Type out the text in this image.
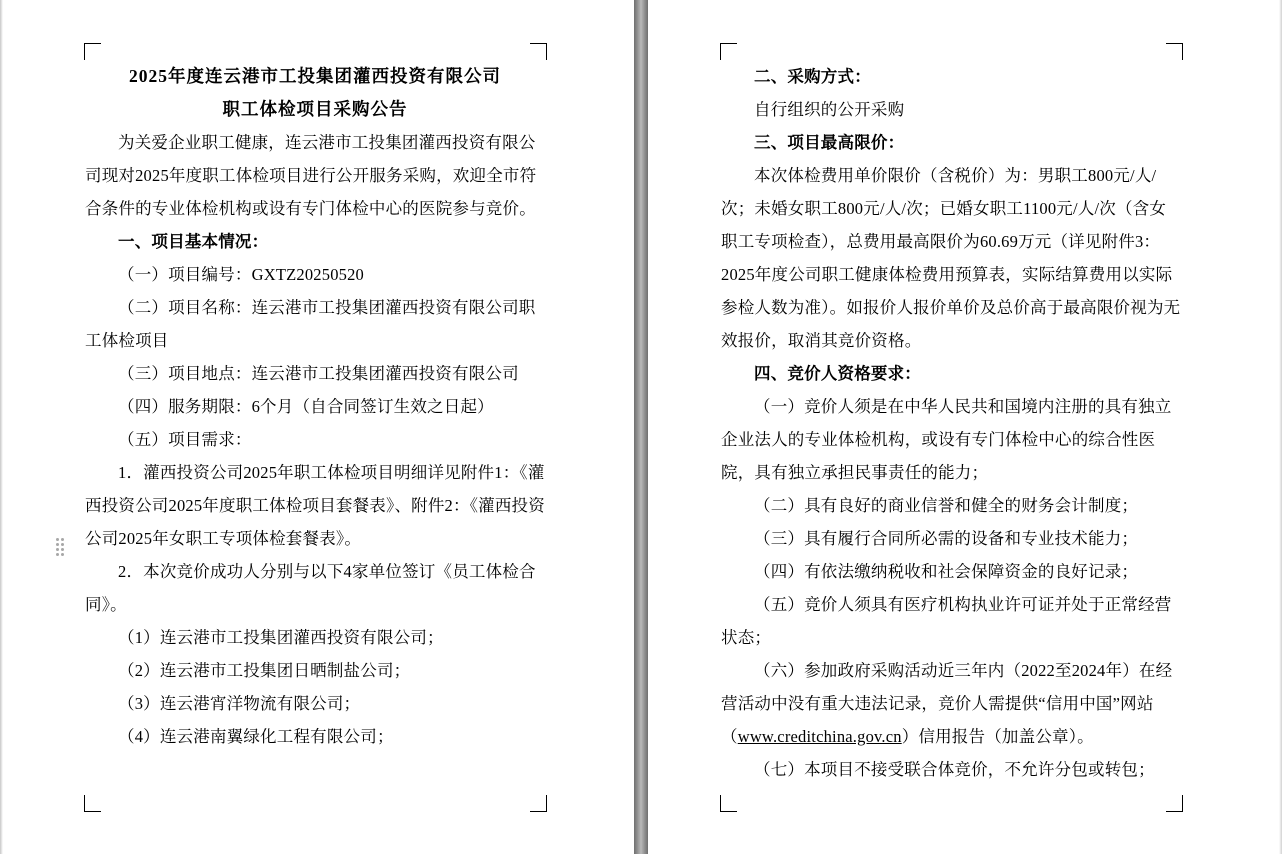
2025年度连云港市工投集团灌西投资有限公司
职工体检项目采购公告

为关爱企业职工健康，连云港市工投集团灌西投资有限公司现对2025年度职工体检项目进行公开服务采购，欢迎全市符合条件的专业体检机构或设有专门体检中心的医院参与竞价。

一、项目基本情况：

（一）项目编号：GXTZ20250520

（二）项目名称：连云港市工投集团灌西投资有限公司职工体检项目

（三）项目地点：连云港市工投集团灌西投资有限公司

（四）服务期限：6个月（自合同签订生效之日起）

（五）项目需求：

1．灌西投资公司2025年职工体检项目明细详见附件1：《灌西投资公司2025年度职工体检项目套餐表》、附件2：《灌西投资公司2025年女职工专项体检套餐表》。

2．本次竞价成功人分别与以下4家单位签订《员工体检合同》。

（1）连云港市工投集团灌西投资有限公司；

（2）连云港市工投集团日晒制盐公司；

（3）连云港宵洋物流有限公司；

（4）连云港南翼绿化工程有限公司；

二、采购方式：

自行组织的公开采购

三、项目最高限价：

本次体检费用单价限价（含税价）为：男职工800元/人/次；未婚女职工800元/人/次；已婚女职工1100元/人/次（含女职工专项检查），总费用最高限价为60.69万元（详见附件3：2025年度公司职工健康体检费用预算表，实际结算费用以实际参检人数为准）。如报价人报价单价及总价高于最高限价视为无效报价，取消其竞价资格。

四、竞价人资格要求：

（一）竞价人须是在中华人民共和国境内注册的具有独立企业法人的专业体检机构，或设有专门体检中心的综合性医院，具有独立承担民事责任的能力；

（二）具有良好的商业信誉和健全的财务会计制度；

（三）具有履行合同所必需的设备和专业技术能力；

（四）有依法缴纳税收和社会保障资金的良好记录；

（五）竞价人须具有医疗机构执业许可证并处于正常经营状态；

（六）参加政府采购活动近三年内（2022至2024年）在经营活动中没有重大违法记录，竞价人需提供“信用中国”网站（www.creditchina.gov.cn）信用报告（加盖公章）。

（七）本项目不接受联合体竞价，不允许分包或转包；
